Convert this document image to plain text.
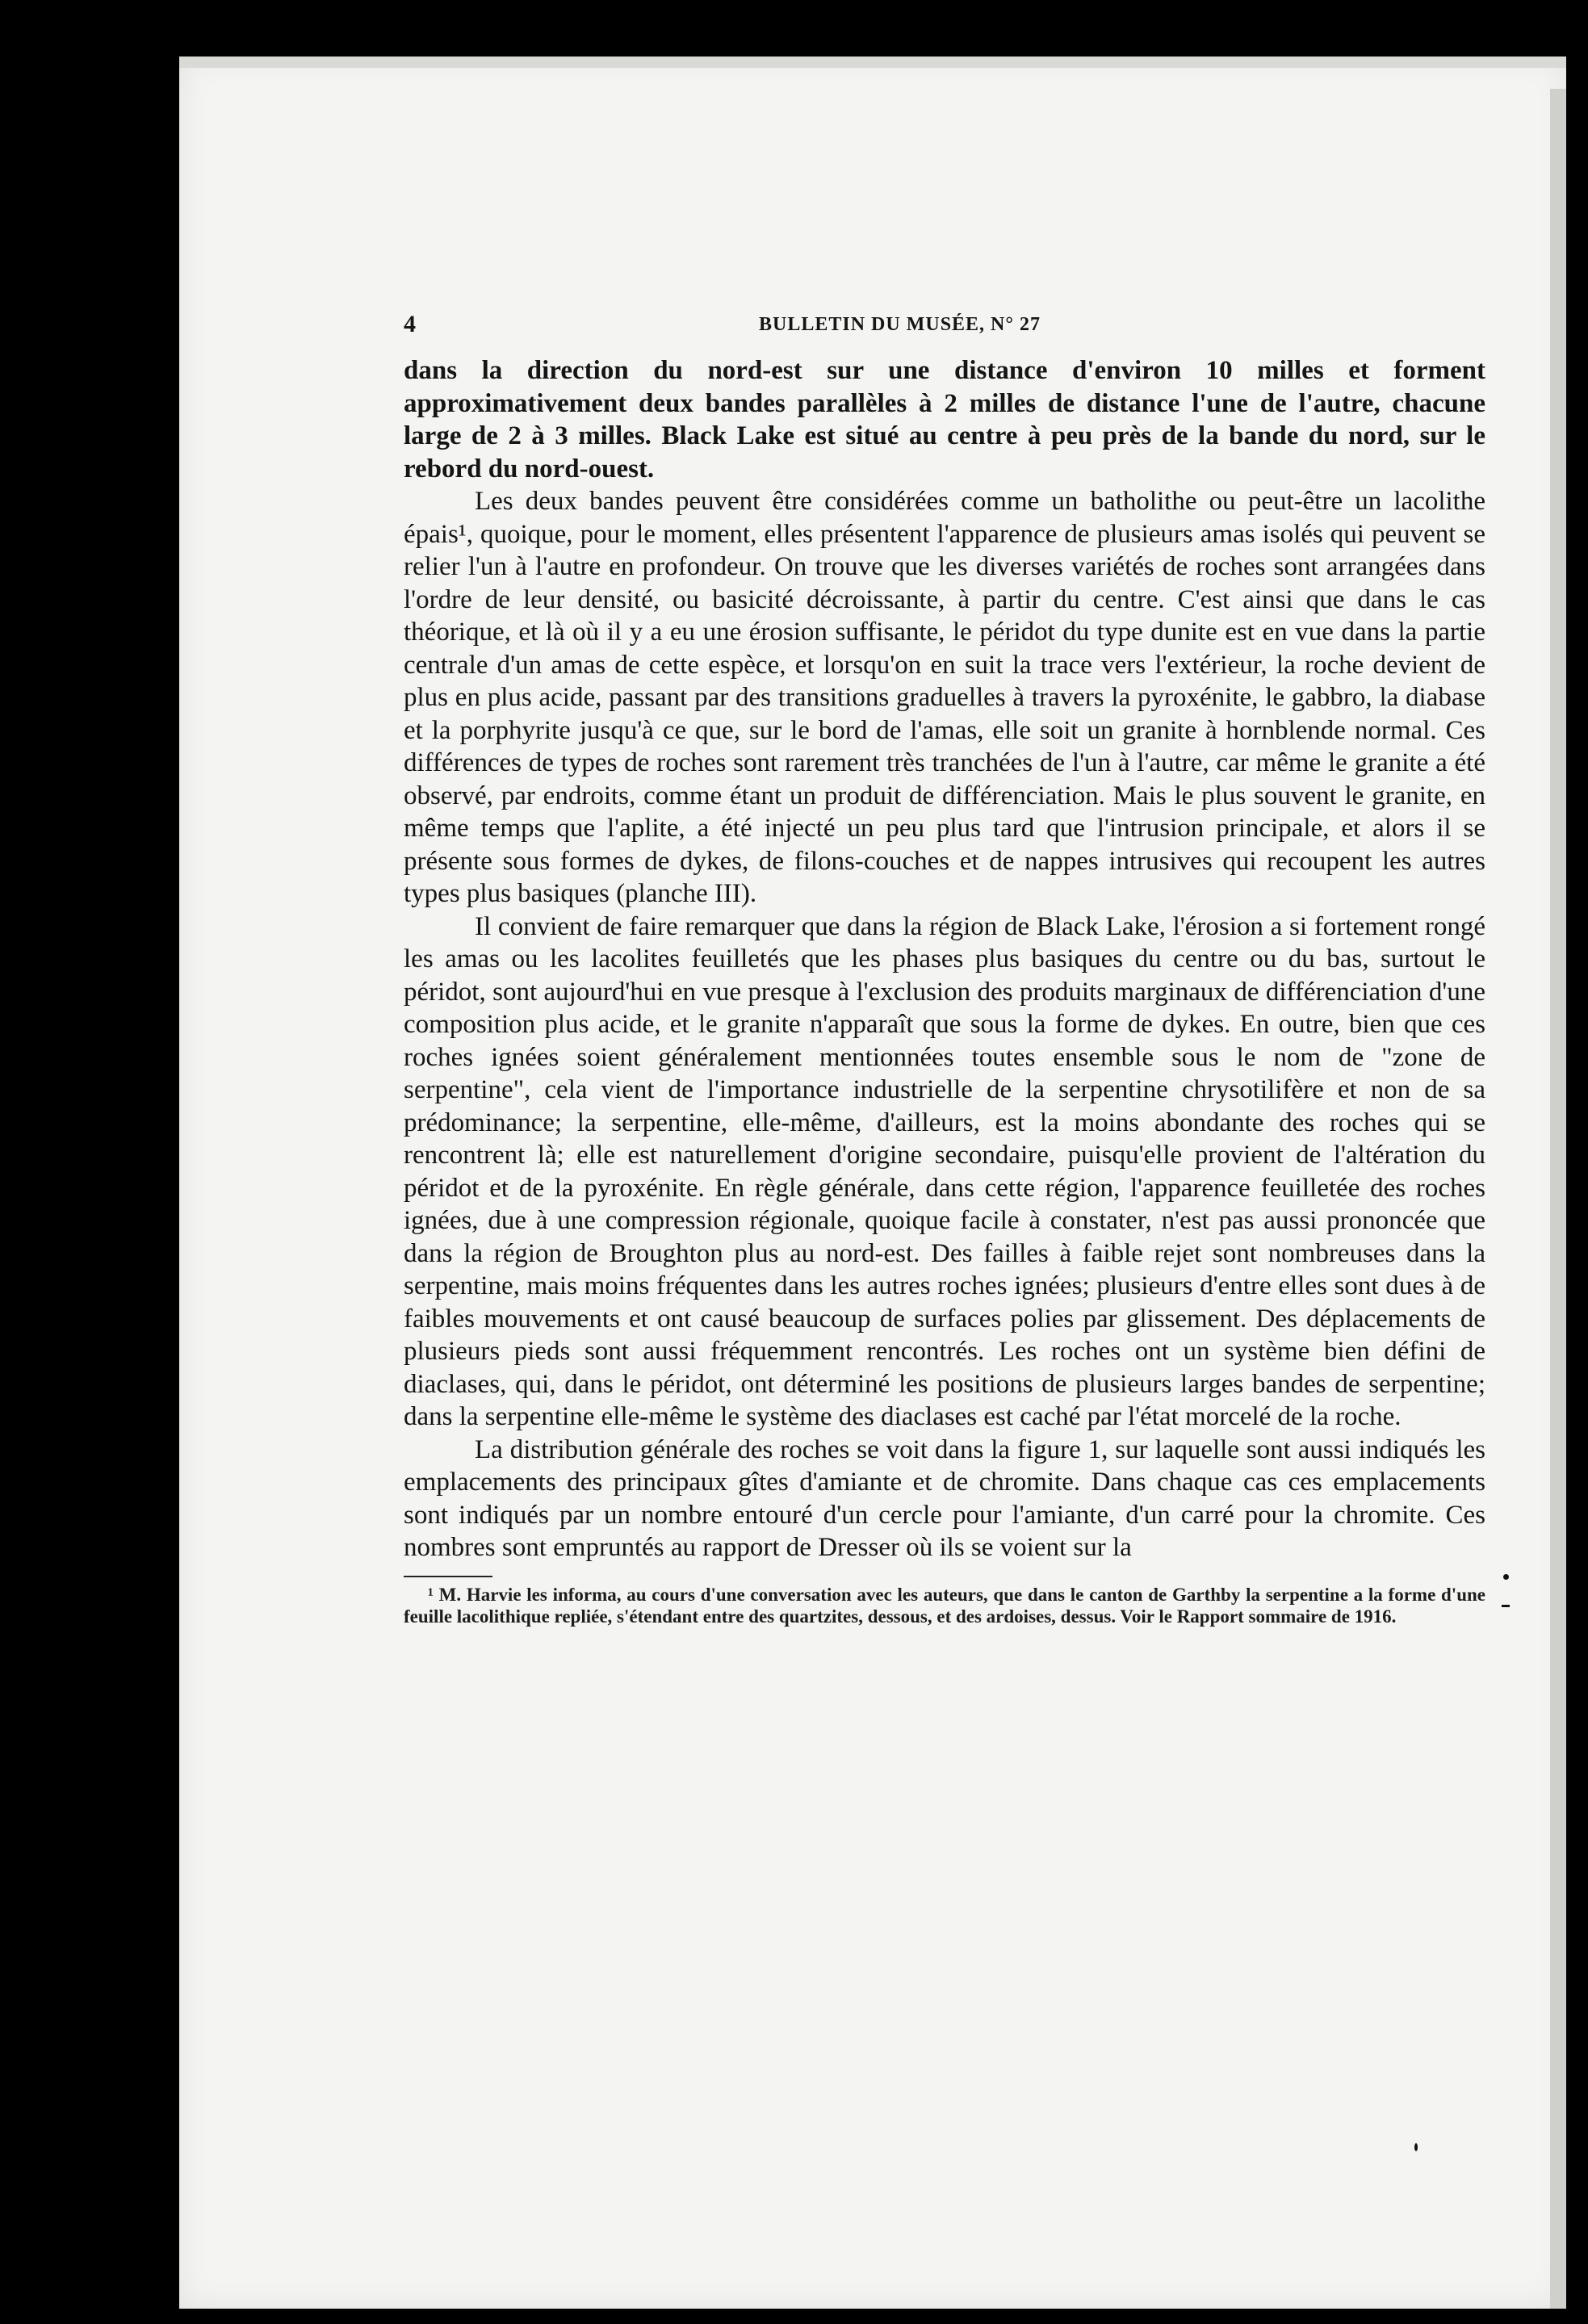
4	BULLETIN DU MUSÉE, N° 27

dans la direction du nord-est sur une distance d'environ 10 milles et forment approximativement deux bandes parallèles à 2 milles de distance l'une de l'autre, chacune large de 2 à 3 milles. Black Lake est situé au centre à peu près de la bande du nord, sur le rebord du nord-ouest.

Les deux bandes peuvent être considérées comme un batholithe ou peut-être un lacolithe épais¹, quoique, pour le moment, elles présentent l'apparence de plusieurs amas isolés qui peuvent se relier l'un à l'autre en profondeur. On trouve que les diverses variétés de roches sont arrangées dans l'ordre de leur densité, ou basicité décroissante, à partir du centre. C'est ainsi que dans le cas théorique, et là où il y a eu une érosion suffisante, le péridot du type dunite est en vue dans la partie centrale d'un amas de cette espèce, et lorsqu'on en suit la trace vers l'extérieur, la roche devient de plus en plus acide, passant par des transitions graduelles à travers la pyroxénite, le gabbro, la diabase et la porphyrite jusqu'à ce que, sur le bord de l'amas, elle soit un granite à hornblende normal. Ces différences de types de roches sont rarement très tranchées de l'un à l'autre, car même le granite a été observé, par endroits, comme étant un produit de différenciation. Mais le plus souvent le granite, en même temps que l'aplite, a été injecté un peu plus tard que l'intrusion principale, et alors il se présente sous formes de dykes, de filons-couches et de nappes intrusives qui recoupent les autres types plus basiques (planche III).

Il convient de faire remarquer que dans la région de Black Lake, l'érosion a si fortement rongé les amas ou les lacolites feuilletés que les phases plus basiques du centre ou du bas, surtout le péridot, sont aujourd'hui en vue presque à l'exclusion des produits marginaux de différenciation d'une composition plus acide, et le granite n'apparaît que sous la forme de dykes. En outre, bien que ces roches ignées soient généralement mentionnées toutes ensemble sous le nom de "zone de serpentine", cela vient de l'importance industrielle de la serpentine chrysotilifère et non de sa prédominance; la serpentine, elle-même, d'ailleurs, est la moins abondante des roches qui se rencontrent là; elle est naturellement d'origine secondaire, puisqu'elle provient de l'altération du péridot et de la pyroxénite. En règle générale, dans cette région, l'apparence feuilletée des roches ignées, due à une compression régionale, quoique facile à constater, n'est pas aussi prononcée que dans la région de Broughton plus au nord-est. Des failles à faible rejet sont nombreuses dans la serpentine, mais moins fréquentes dans les autres roches ignées; plusieurs d'entre elles sont dues à de faibles mouvements et ont causé beaucoup de surfaces polies par glissement. Des déplacements de plusieurs pieds sont aussi fréquemment rencontrés. Les roches ont un système bien défini de diaclases, qui, dans le péridot, ont déterminé les positions de plusieurs larges bandes de serpentine; dans la serpentine elle-même le système des diaclases est caché par l'état morcelé de la roche.

La distribution générale des roches se voit dans la figure 1, sur laquelle sont aussi indiqués les emplacements des principaux gîtes d'amiante et de chromite. Dans chaque cas ces emplacements sont indiqués par un nombre entouré d'un cercle pour l'amiante, d'un carré pour la chromite. Ces nombres sont empruntés au rapport de Dresser où ils se voient sur la

¹ M. Harvie les informa, au cours d'une conversation avec les auteurs, que dans le canton de Garthby la serpentine a la forme d'une feuille lacolithique repliée, s'étendant entre des quartzites, dessous, et des ardoises, dessus. Voir le Rapport sommaire de 1916.
